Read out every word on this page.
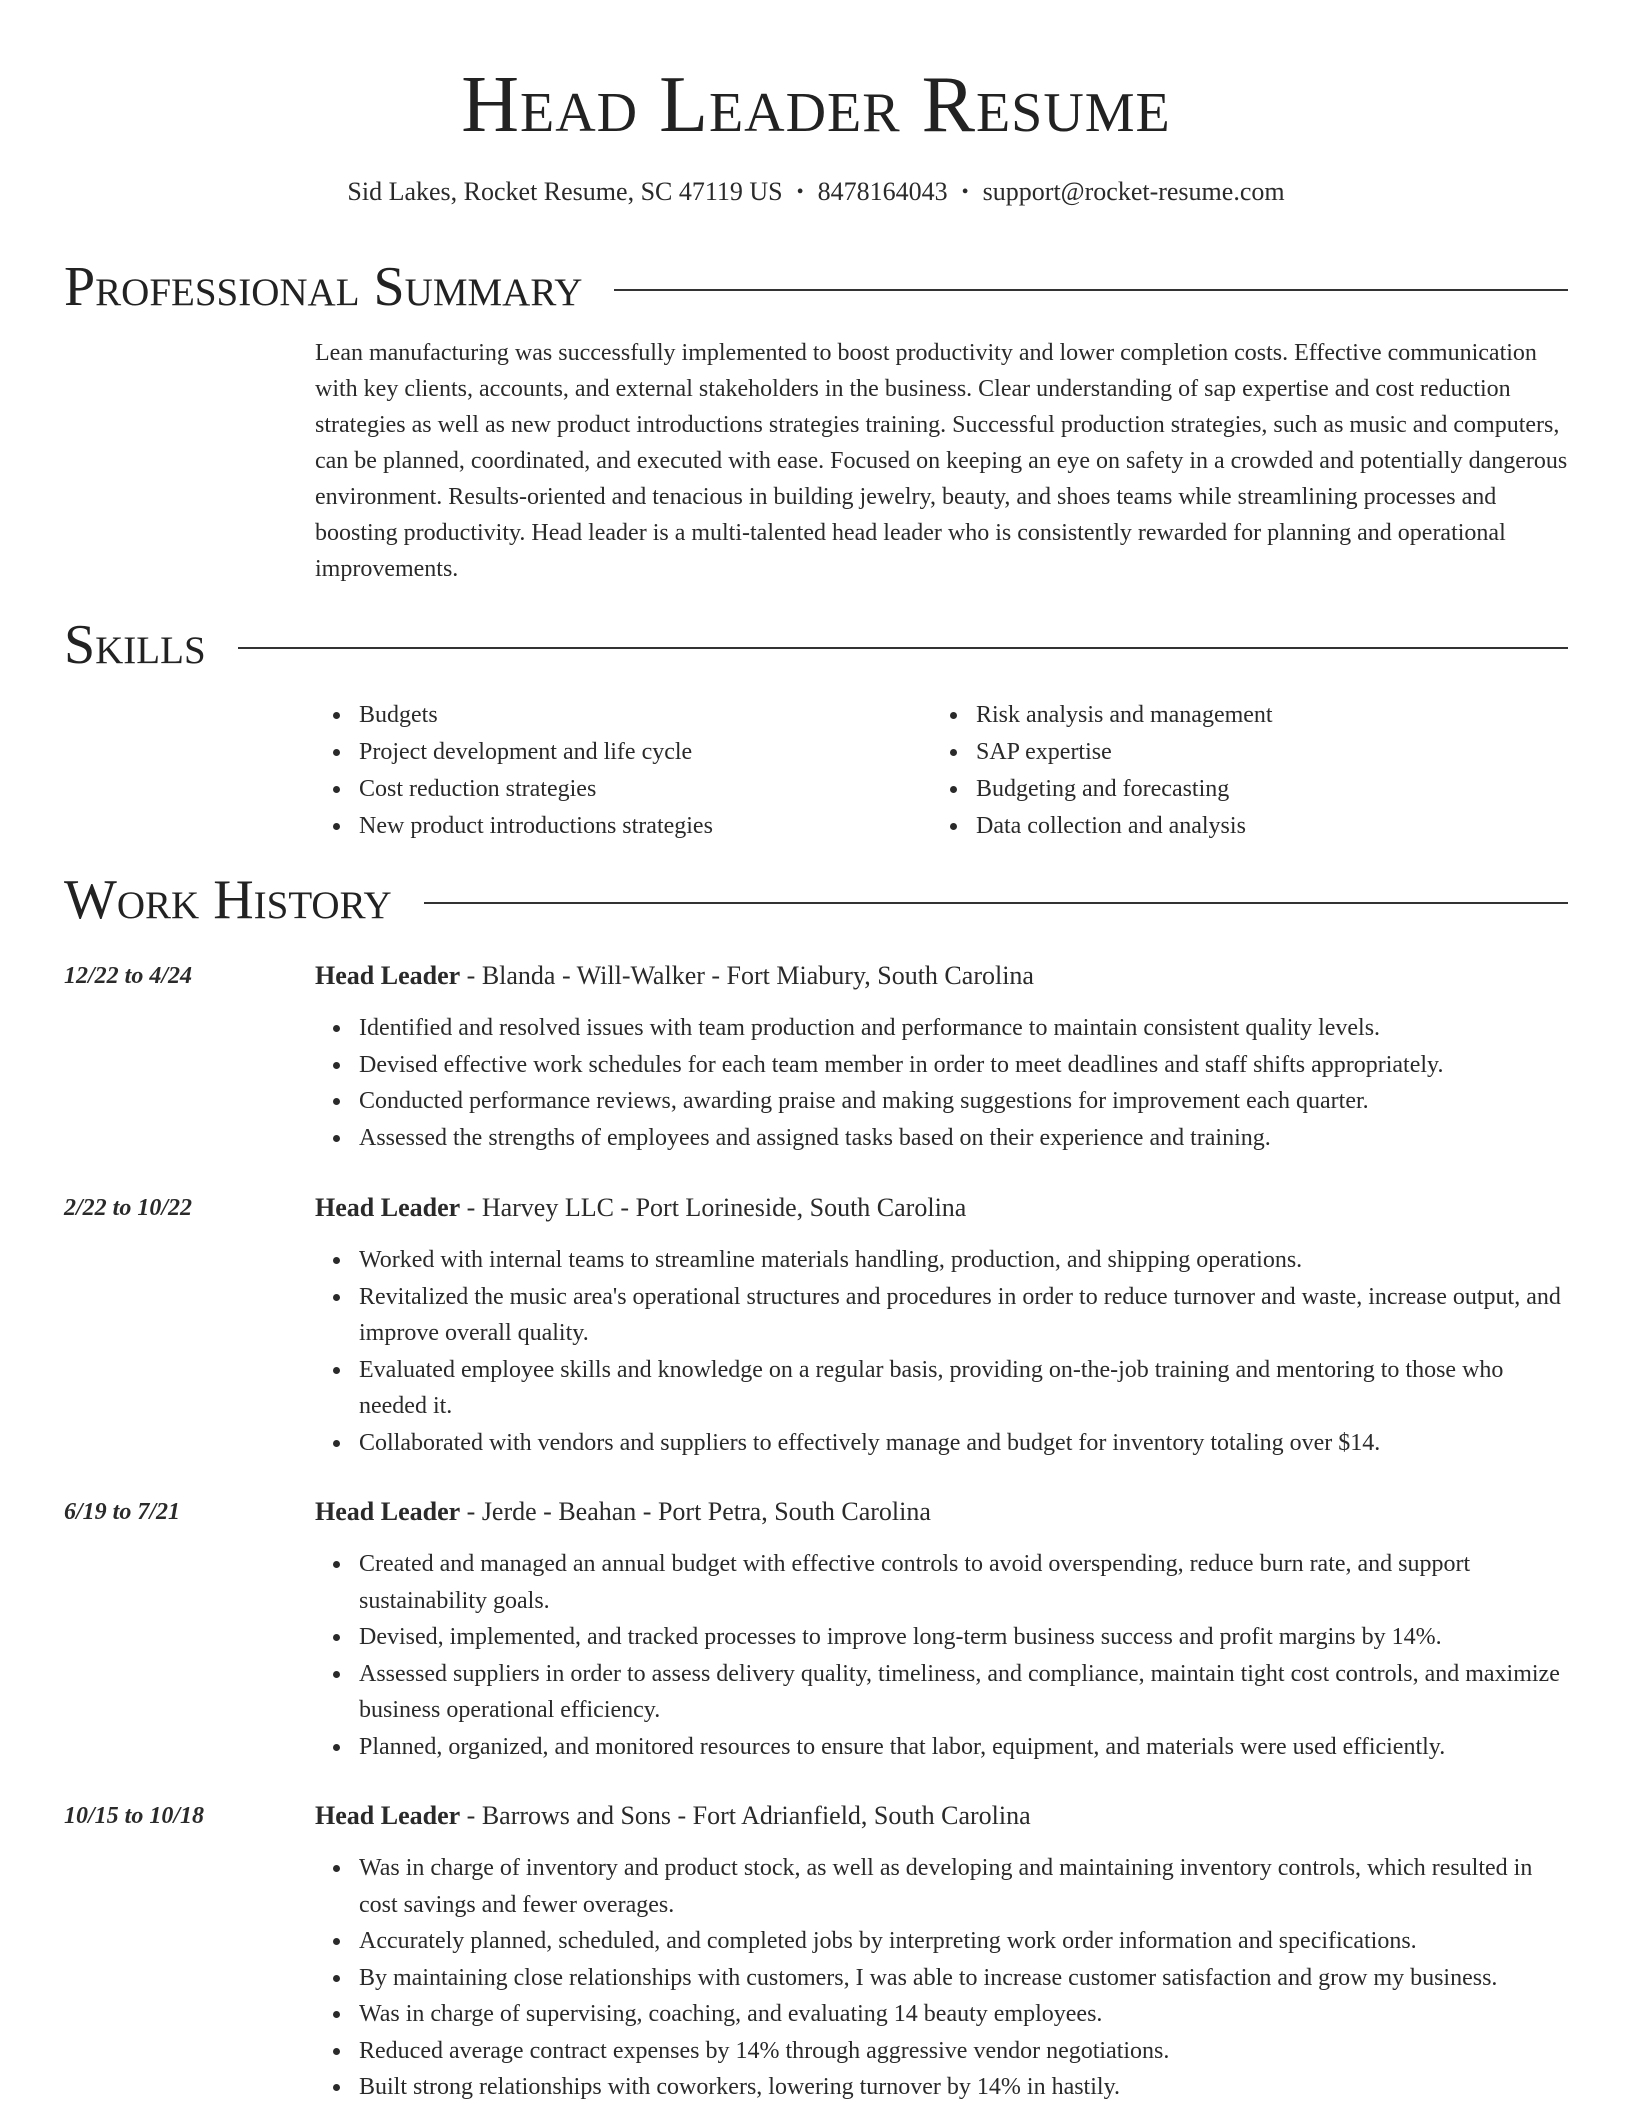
Head Leader Resume
Sid Lakes, Rocket Resume, SC 47119 US • 8478164043 • support@rocket-resume.com
Professional Summary

Lean manufacturing was successfully implemented to boost productivity and lower completion costs. Effective communication with key clients, accounts, and external stakeholders in the business. Clear understanding of sap expertise and cost reduction strategies as well as new product introductions strategies training. Successful production strategies, such as music and computers, can be planned, coordinated, and executed with ease. Focused on keeping an eye on safety in a crowded and potentially dangerous environment. Results-oriented and tenacious in building jewelry, beauty, and shoes teams while streamlining processes and boosting productivity. Head leader is a multi-talented head leader who is consistently rewarded for planning and operational improvements.

Skills
Budgets
Project development and life cycle
Cost reduction strategies
New product introductions strategies
Risk analysis and management
SAP expertise
Budgeting and forecasting
Data collection and analysis
Work History
12/22 to 4/24	Head Leader - Blanda - Will-Walker - Fort Miabury, South Carolina
Identified and resolved issues with team production and performance to maintain consistent quality levels.
Devised effective work schedules for each team member in order to meet deadlines and staff shifts appropriately.
Conducted performance reviews, awarding praise and making suggestions for improvement each quarter.
Assessed the strengths of employees and assigned tasks based on their experience and training.
2/22 to 10/22	Head Leader - Harvey LLC - Port Lorineside, South Carolina
Worked with internal teams to streamline materials handling, production, and shipping operations.
Revitalized the music area's operational structures and procedures in order to reduce turnover and waste, increase output, and improve overall quality.
Evaluated employee skills and knowledge on a regular basis, providing on-the-job training and mentoring to those who needed it.
Collaborated with vendors and suppliers to effectively manage and budget for inventory totaling over $14.
6/19 to 7/21	Head Leader - Jerde - Beahan - Port Petra, South Carolina
Created and managed an annual budget with effective controls to avoid overspending, reduce burn rate, and support sustainability goals.
Devised, implemented, and tracked processes to improve long-term business success and profit margins by 14%.
Assessed suppliers in order to assess delivery quality, timeliness, and compliance, maintain tight cost controls, and maximize business operational efficiency.
Planned, organized, and monitored resources to ensure that labor, equipment, and materials were used efficiently.
10/15 to 10/18	Head Leader - Barrows and Sons - Fort Adrianfield, South Carolina
Was in charge of inventory and product stock, as well as developing and maintaining inventory controls, which resulted in cost savings and fewer overages.
Accurately planned, scheduled, and completed jobs by interpreting work order information and specifications.
By maintaining close relationships with customers, I was able to increase customer satisfaction and grow my business.
Was in charge of supervising, coaching, and evaluating 14 beauty employees.
Reduced average contract expenses by 14% through aggressive vendor negotiations.
Built strong relationships with coworkers, lowering turnover by 14% in hastily.
